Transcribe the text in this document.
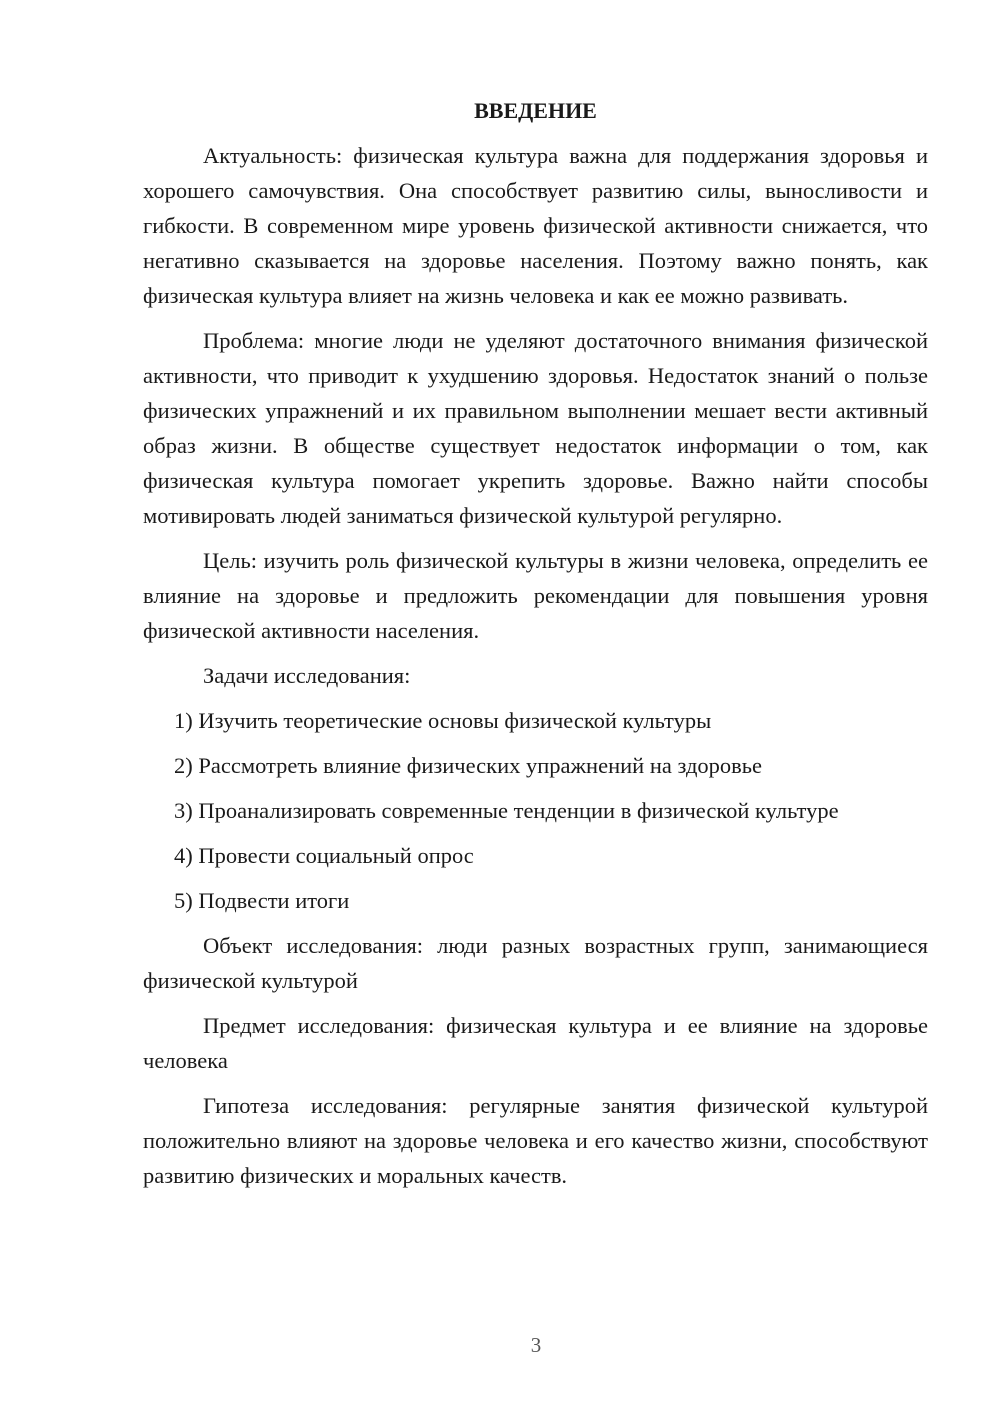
ВВЕДЕНИЕ

Актуальность: физическая культура важна для поддержания здоровья и хорошего самочувствия. Она способствует развитию силы, выносливости и гибкости. В современном мире уровень физической активности снижается, что негативно сказывается на здоровье населения. Поэтому важно понять, как физическая культура влияет на жизнь человека и как ее можно развивать.

Проблема: многие люди не уделяют достаточного внимания физической активности, что приводит к ухудшению здоровья. Недостаток знаний о пользе физических упражнений и их правильном выполнении мешает вести активный образ жизни. В обществе существует недостаток информации о том, как физическая культура помогает укрепить здоровье. Важно найти способы мотивировать людей заниматься физической культурой регулярно.

Цель: изучить роль физической культуры в жизни человека, определить ее влияние на здоровье и предложить рекомендации для повышения уровня физической активности населения.

Задачи исследования:

1) Изучить теоретические основы физической культуры
2) Рассмотреть влияние физических упражнений на здоровье
3) Проанализировать современные тенденции в физической культуре
4) Провести социальный опрос
5) Подвести итоги

Объект исследования: люди разных возрастных групп, занимающиеся физической культурой

Предмет исследования: физическая культура и ее влияние на здоровье человека

Гипотеза исследования: регулярные занятия физической культурой положительно влияют на здоровье человека и его качество жизни, способствуют развитию физических и моральных качеств.

3
